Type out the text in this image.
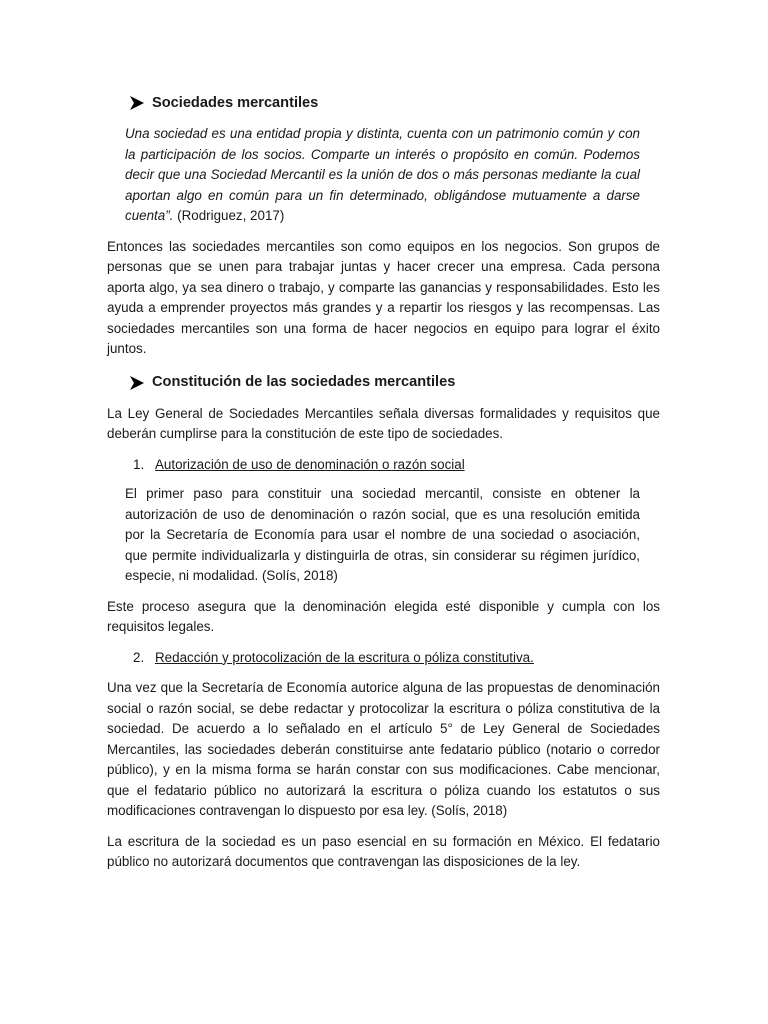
Sociedades mercantiles
Una sociedad es una entidad propia y distinta, cuenta con un patrimonio común y con la participación de los socios. Comparte un interés o propósito en común. Podemos decir que una Sociedad Mercantil es la unión de dos o más personas mediante la cual aportan algo en común para un fin determinado, obligándose mutuamente a darse cuenta”. (Rodriguez, 2017)

Entonces las sociedades mercantiles son como equipos en los negocios. Son grupos de personas que se unen para trabajar juntas y hacer crecer una empresa. Cada persona aporta algo, ya sea dinero o trabajo, y comparte las ganancias y responsabilidades. Esto les ayuda a emprender proyectos más grandes y a repartir los riesgos y las recompensas. Las sociedades mercantiles son una forma de hacer negocios en equipo para lograr el éxito juntos.

Constitución de las sociedades mercantiles

La Ley General de Sociedades Mercantiles señala diversas formalidades y requisitos que deberán cumplirse para la constitución de este tipo de sociedades.

1. Autorización de uso de denominación o razón social
El primer paso para constituir una sociedad mercantil, consiste en obtener la autorización de uso de denominación o razón social, que es una resolución emitida por la Secretaría de Economía para usar el nombre de una sociedad o asociación, que permite individualizarla y distinguirla de otras, sin considerar su régimen jurídico, especie, ni modalidad. (Solís, 2018)

Este proceso asegura que la denominación elegida esté disponible y cumpla con los requisitos legales.

2. Redacción y protocolización de la escritura o póliza constitutiva.

Una vez que la Secretaría de Economía autorice alguna de las propuestas de denominación social o razón social, se debe redactar y protocolizar la escritura o póliza constitutiva de la sociedad. De acuerdo a lo señalado en el artículo 5° de Ley General de Sociedades Mercantiles, las sociedades deberán constituirse ante fedatario público (notario o corredor público), y en la misma forma se harán constar con sus modificaciones. Cabe mencionar, que el fedatario público no autorizará la escritura o póliza cuando los estatutos o sus modificaciones contravengan lo dispuesto por esa ley. (Solís, 2018)

La escritura de la sociedad es un paso esencial en su formación en México. El fedatario público no autorizará documentos que contravengan las disposiciones de la ley.
